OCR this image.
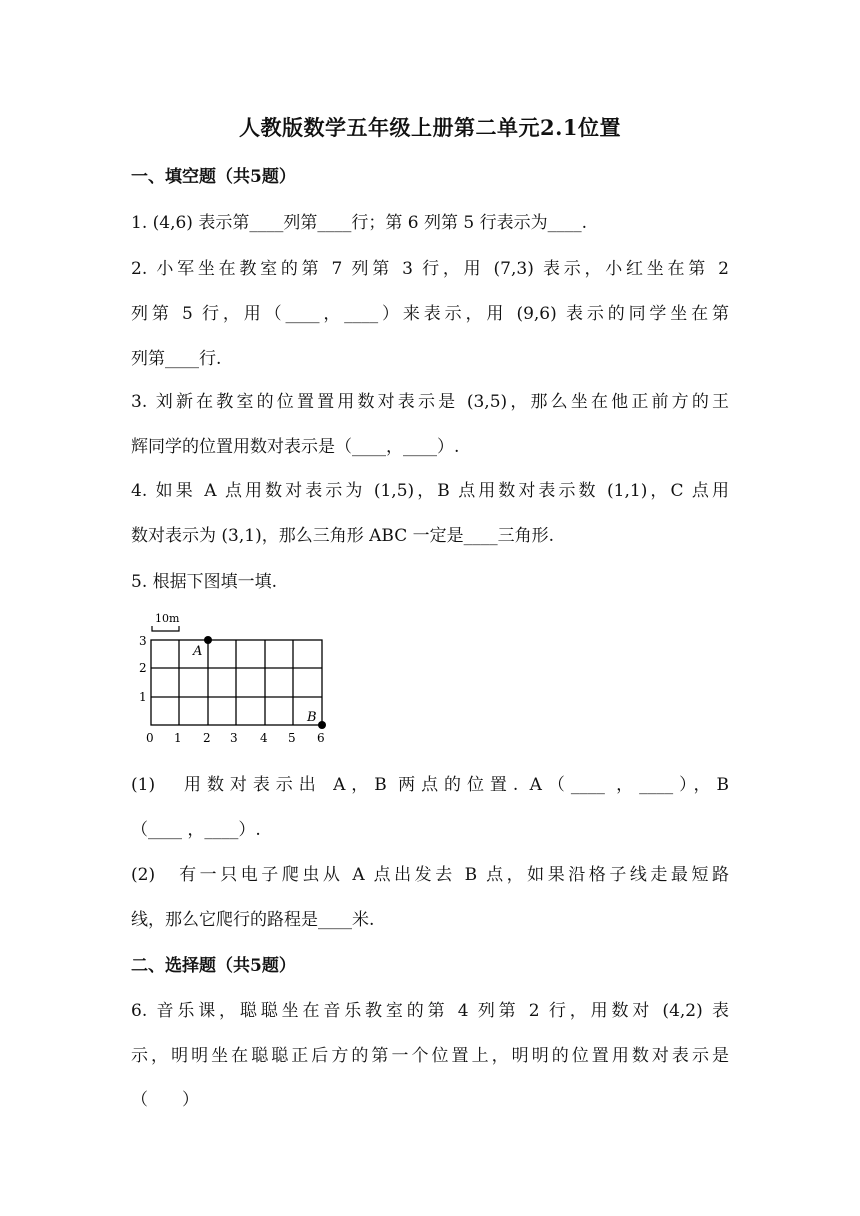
人教版数学五年级上册第二单元2.1位置
一、填空题（共5题）
1. (4,6) 表示第____列第____行；第 6 列第 5 行表示为____.
2. 小军坐在教室的第 7 列第 3 行，用 (7,3) 表示，小红坐在第 2
列第 5 行，用（____，____）来表示，用 (9,6) 表示的同学坐在第
列第____行.
3. 刘新在教室的位置置用数对表示是 (3,5)，那么坐在他正前方的王
辉同学的位置用数对表示是（____，____）.
4. 如果 A 点用数对表示为 (1,5)，B 点用数对表示数 (1,1)，C 点用
数对表示为 (3,1)，那么三角形 ABC 一定是____三角形.
5. 根据下图填一填.
10m
1
2
3
0 1 2 3 4 5 6
A
B
(1)　用数对表示出 A，B 两点的位置. A（____ ，____），B
（____ ，____）.
(2)　有一只电子爬虫从 A 点出发去 B 点，如果沿格子线走最短路
线，那么它爬行的路程是____米.
二、选择题（共5题）
6. 音乐课，聪聪坐在音乐教室的第 4 列第 2 行，用数对 (4,2) 表
示，明明坐在聪聪正后方的第一个位置上，明明的位置用数对表示是
（　　）
